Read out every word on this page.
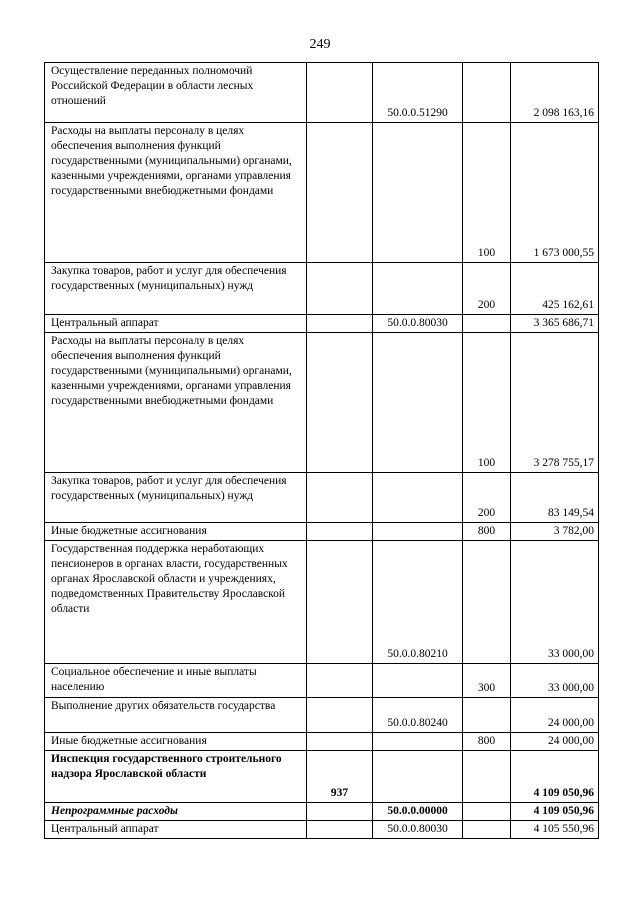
249
Осуществление переданных полномочий Российской Федерации в области лесных отношений		50.0.0.51290		2 098 163,16
Расходы на выплаты персоналу в целях обеспечения выполнения функций государственными (муниципальными) органами, казенными учреждениями, органами управления государственными внебюджетными фондами			100	1 673 000,55
Закупка товаров, работ и услуг для обеспечения государственных (муниципальных) нужд			200	425 162,61
Центральный аппарат		50.0.0.80030		3 365 686,71
Расходы на выплаты персоналу в целях обеспечения выполнения функций государственными (муниципальными) органами, казенными учреждениями, органами управления государственными внебюджетными фондами			100	3 278 755,17
Закупка товаров, работ и услуг для обеспечения государственных (муниципальных) нужд			200	83 149,54
Иные бюджетные ассигнования			800	3 782,00
Государственная поддержка неработающих пенсионеров в органах власти, государственных органах Ярославской области и учреждениях, подведомственных Правительству Ярославской области		50.0.0.80210		33 000,00
Социальное обеспечение и иные выплаты населению			300	33 000,00
Выполнение других обязательств государства		50.0.0.80240		24 000,00
Иные бюджетные ассигнования			800	24 000,00
Инспекция государственного строительного надзора Ярославской области	937			4 109 050,96
Непрограммные расходы		50.0.0.00000		4 109 050,96
Центральный аппарат		50.0.0.80030		4 105 550,96
